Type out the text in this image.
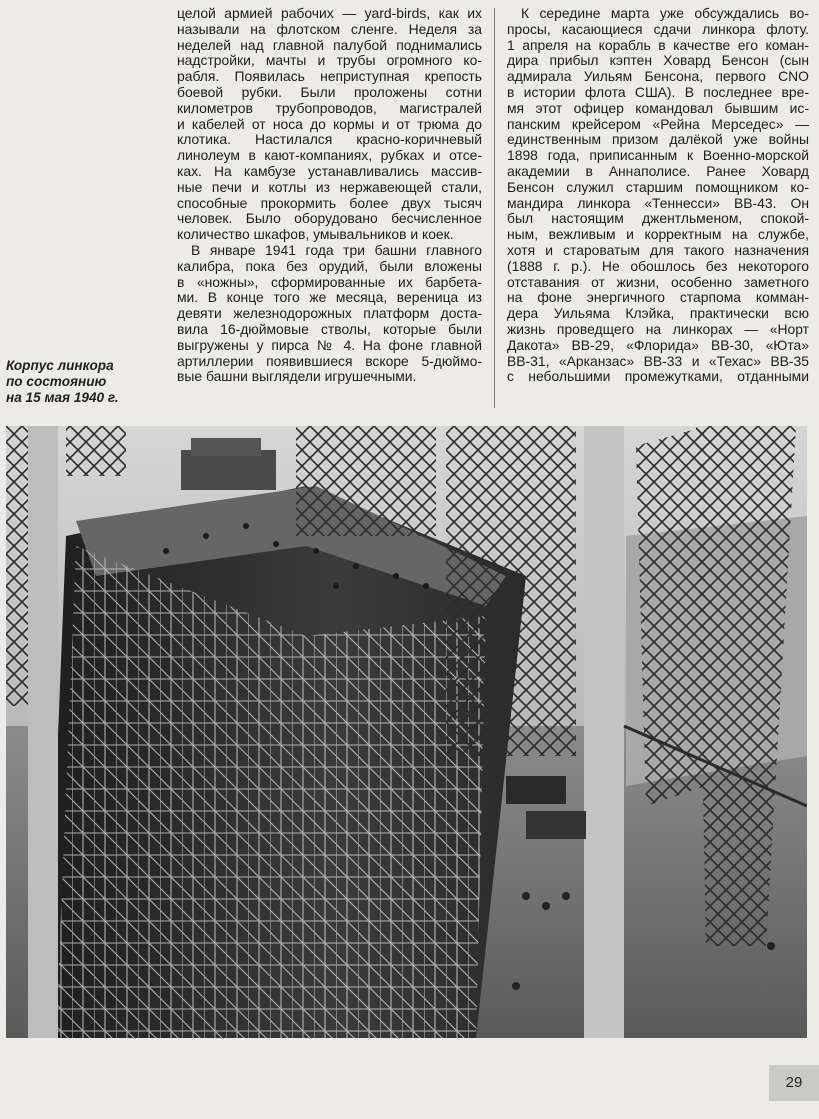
Корпус линкора
по состоянию
на 15 мая 1940 г.

целой армией рабочих — yard-birds, как их
называли на флотском сленге. Неделя за
неделей над главной палубой поднимались
надстройки, мачты и трубы огромного ко-
рабля. Появилась неприступная крепость
боевой рубки. Были проложены сотни
километров трубопроводов, магистралей
и кабелей от носа до кормы и от трюма до
клотика. Настилался красно-коричневый
линолеум в кают-компаниях, рубках и отсе-
ках. На камбузе устанавливались массив-
ные печи и котлы из нержавеющей стали,
способные прокормить более двух тысяч
человек. Было оборудовано бесчисленное
количество шкафов, умывальников и коек.

В январе 1941 года три башни главного
калибра, пока без орудий, были вложены
в «ножны», сформированные их барбета-
ми. В конце того же месяца, вереница из
девяти железнодорожных платформ доста-
вила 16-дюймовые стволы, которые были
выгружены у пирса № 4. На фоне главной
артиллерии появившиеся вскоре 5-дюймо-
вые башни выглядели игрушечными.

К середине марта уже обсуждались во-
просы, касающиеся сдачи линкора флоту.
1 апреля на корабль в качестве его коман-
дира прибыл кэптен Ховард Бенсон (сын
адмирала Уильям Бенсона, первого CNO
в истории флота США). В последнее вре-
мя этот офицер командовал бывшим ис-
панским крейсером «Рейна Мерседес» —
единственным призом далёкой уже войны
1898 года, приписанным к Военно-морской
академии в Аннаполисе. Ранее Ховард
Бенсон служил старшим помощником ко-
мандира линкора «Теннесси» BB-43. Он
был настоящим джентльменом, спокой-
ным, вежливым и корректным на службе,
хотя и староватым для такого назначения
(1888 г. р.). Не обошлось без некоторого
отставания от жизни, особенно заметного
на фоне энергичного старпома комман-
дера Уильяма Клэйка, практически всю
жизнь проведщего на линкорах — «Норт
Дакота» BB-29, «Флорида» BB-30, «Юта»
BB-31, «Арканзас» BB-33 и «Техас» BB-35
с небольшими промежутками, отданными

29
